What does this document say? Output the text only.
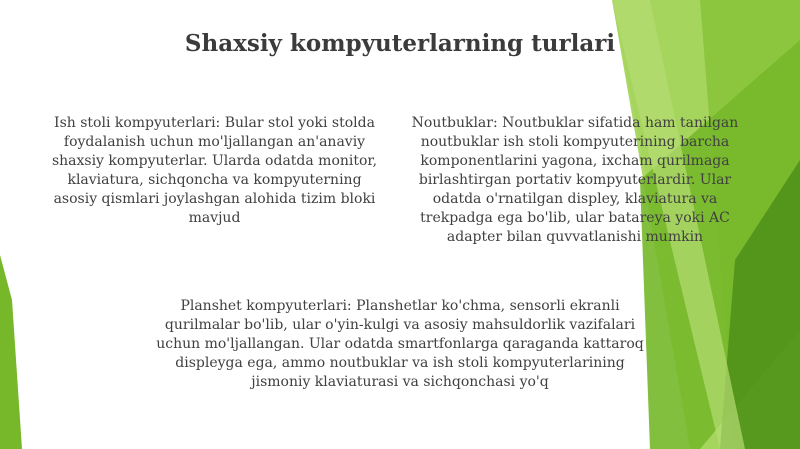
Shaxsiy kompyuterlarning turlari

Ish stoli kompyuterlari: Bular stol yoki stolda foydalanish uchun mo'ljallangan an'anaviy shaxsiy kompyuterlar. Ularda odatda monitor, klaviatura, sichqoncha va kompyuterning asosiy qismlari joylashgan alohida tizim bloki mavjud

Noutbuklar: Noutbuklar sifatida ham tanilgan noutbuklar ish stoli kompyuterining barcha komponentlarini yagona, ixcham qurilmaga birlashtirgan portativ kompyuterlardir. Ular odatda o'rnatilgan displey, klaviatura va trekpadga ega bo'lib, ular batareya yoki AC adapter bilan quvvatlanishi mumkin

Planshet kompyuterlari: Planshetlar ko'chma, sensorli ekranli qurilmalar bo'lib, ular o'yin-kulgi va asosiy mahsuldorlik vazifalari uchun mo'ljallangan. Ular odatda smartfonlarga qaraganda kattaroq displeyga ega, ammo noutbuklar va ish stoli kompyuterlarining jismoniy klaviaturasi va sichqonchasi yo'q
